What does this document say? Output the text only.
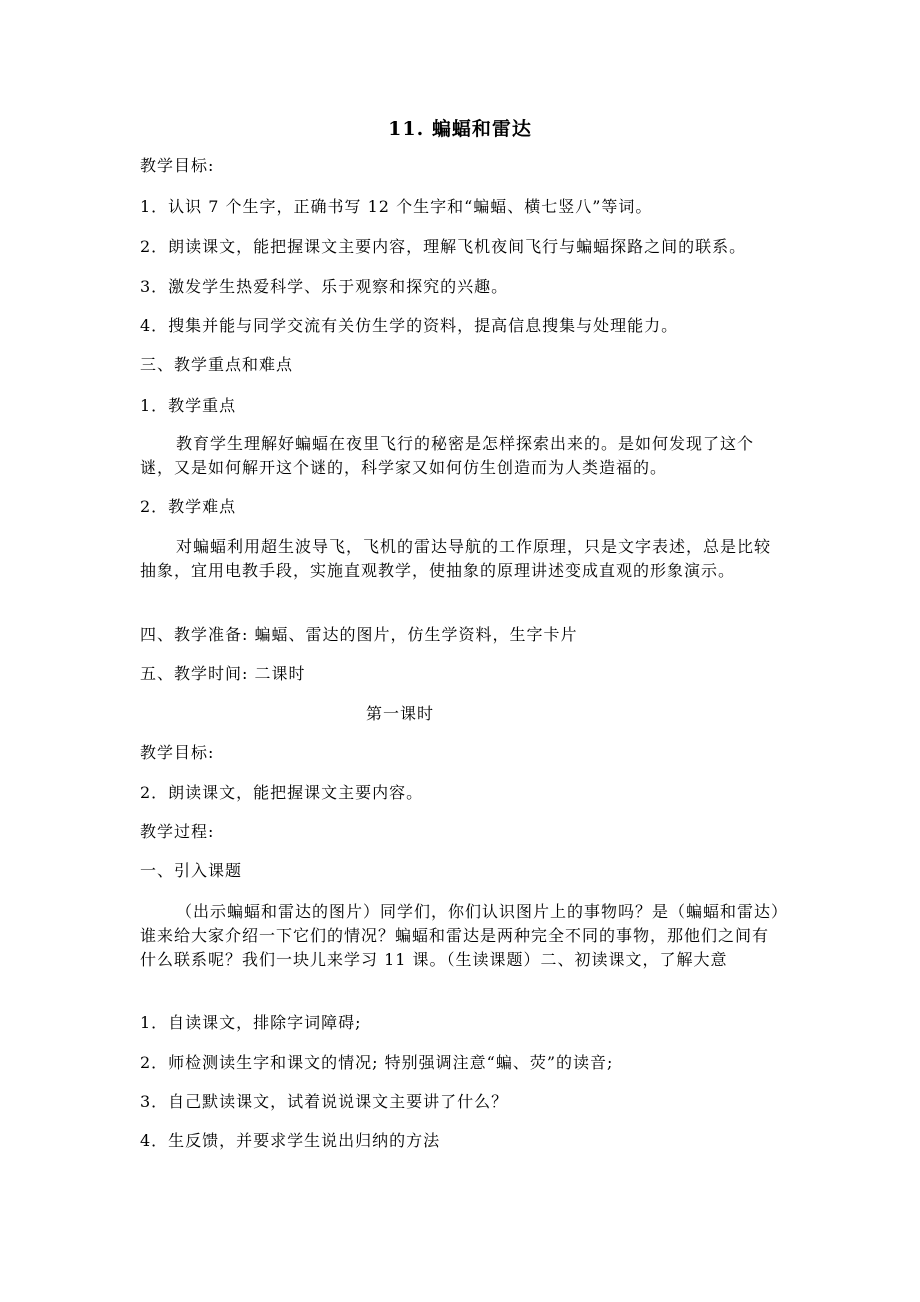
11. 蝙蝠和雷达
教学目标:
1．认识 7 个生字，正确书写 12 个生字和“蝙蝠、横七竖八”等词。
2．朗读课文，能把握课文主要内容，理解飞机夜间飞行与蝙蝠探路之间的联系。
3．激发学生热爱科学、乐于观察和探究的兴趣。
4．搜集并能与同学交流有关仿生学的资料，提高信息搜集与处理能力。
三、教学重点和难点
1．教学重点
教育学生理解好蝙蝠在夜里飞行的秘密是怎样探索出来的。是如何发现了这个谜，又是如何解开这个谜的，科学家又如何仿生创造而为人类造福的。
2．教学难点
对蝙蝠利用超生波导飞，飞机的雷达导航的工作原理，只是文字表述，总是比较抽象，宜用电教手段，实施直观教学，使抽象的原理讲述变成直观的形象演示。
四、教学准备: 蝙蝠、雷达的图片，仿生学资料，生字卡片
五、教学时间: 二课时
第一课时
教学目标:
2．朗读课文，能把握课文主要内容。
教学过程:
一、引入课题
（出示蝙蝠和雷达的图片）同学们，你们认识图片上的事物吗？是（蝙蝠和雷达）谁来给大家介绍一下它们的情况？蝙蝠和雷达是两种完全不同的事物，那他们之间有什么联系呢？我们一块儿来学习 11 课。（生读课题）二、初读课文，了解大意
1．自读课文，排除字词障碍;
2．师检测读生字和课文的情况; 特别强调注意“蝙、荧”的读音;
3．自己默读课文，试着说说课文主要讲了什么？
4．生反馈，并要求学生说出归纳的方法
